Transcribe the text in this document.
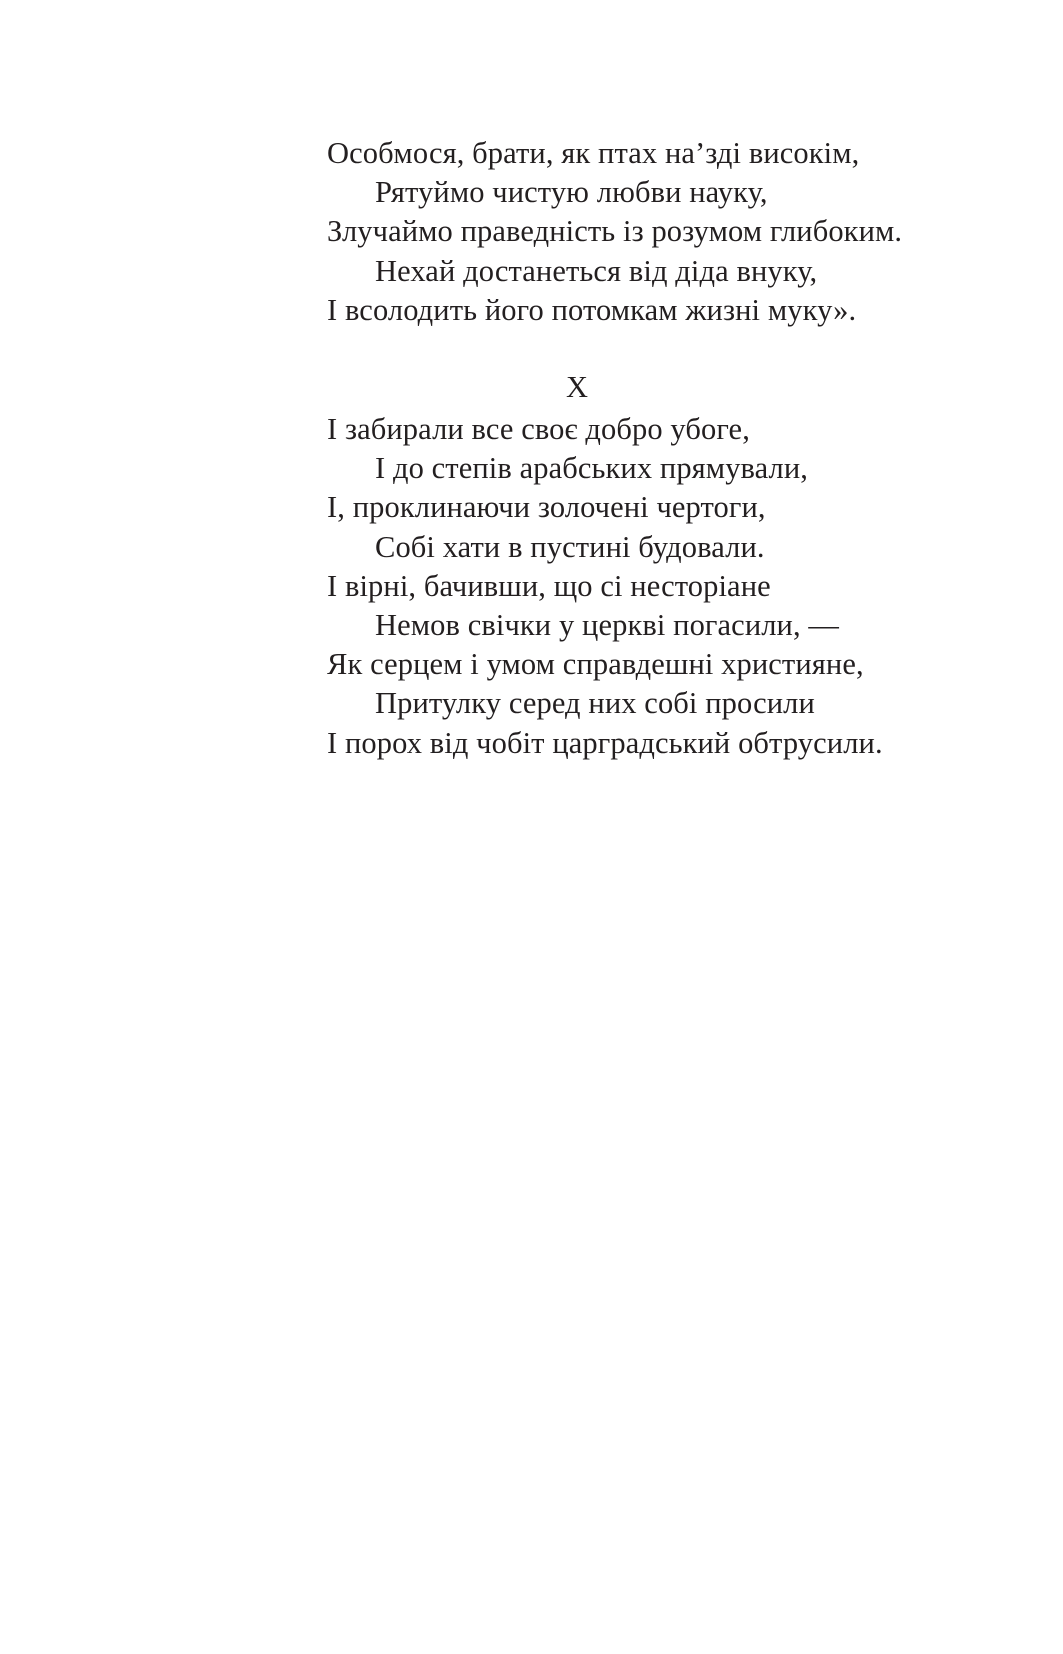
Особмося, брати, як птах на’зді високім,
Рятуймо чистую любви науку,
Злучаймо праведність із розумом глибоким.
Нехай достанеться від діда внуку,
І всолодить його потомкам жизні муку».
X
І забирали все своє добро убоге,
І до степів арабських прямували,
І, проклинаючи золочені чертоги,
Собі хати в пустині будовали.
І вірні, бачивши, що сі несторіане
Немов свічки у церкві погасили, —
Як серцем і умом справдешні християне,
Притулку серед них собі просили
І порох від чобіт царградський обтрусили.
